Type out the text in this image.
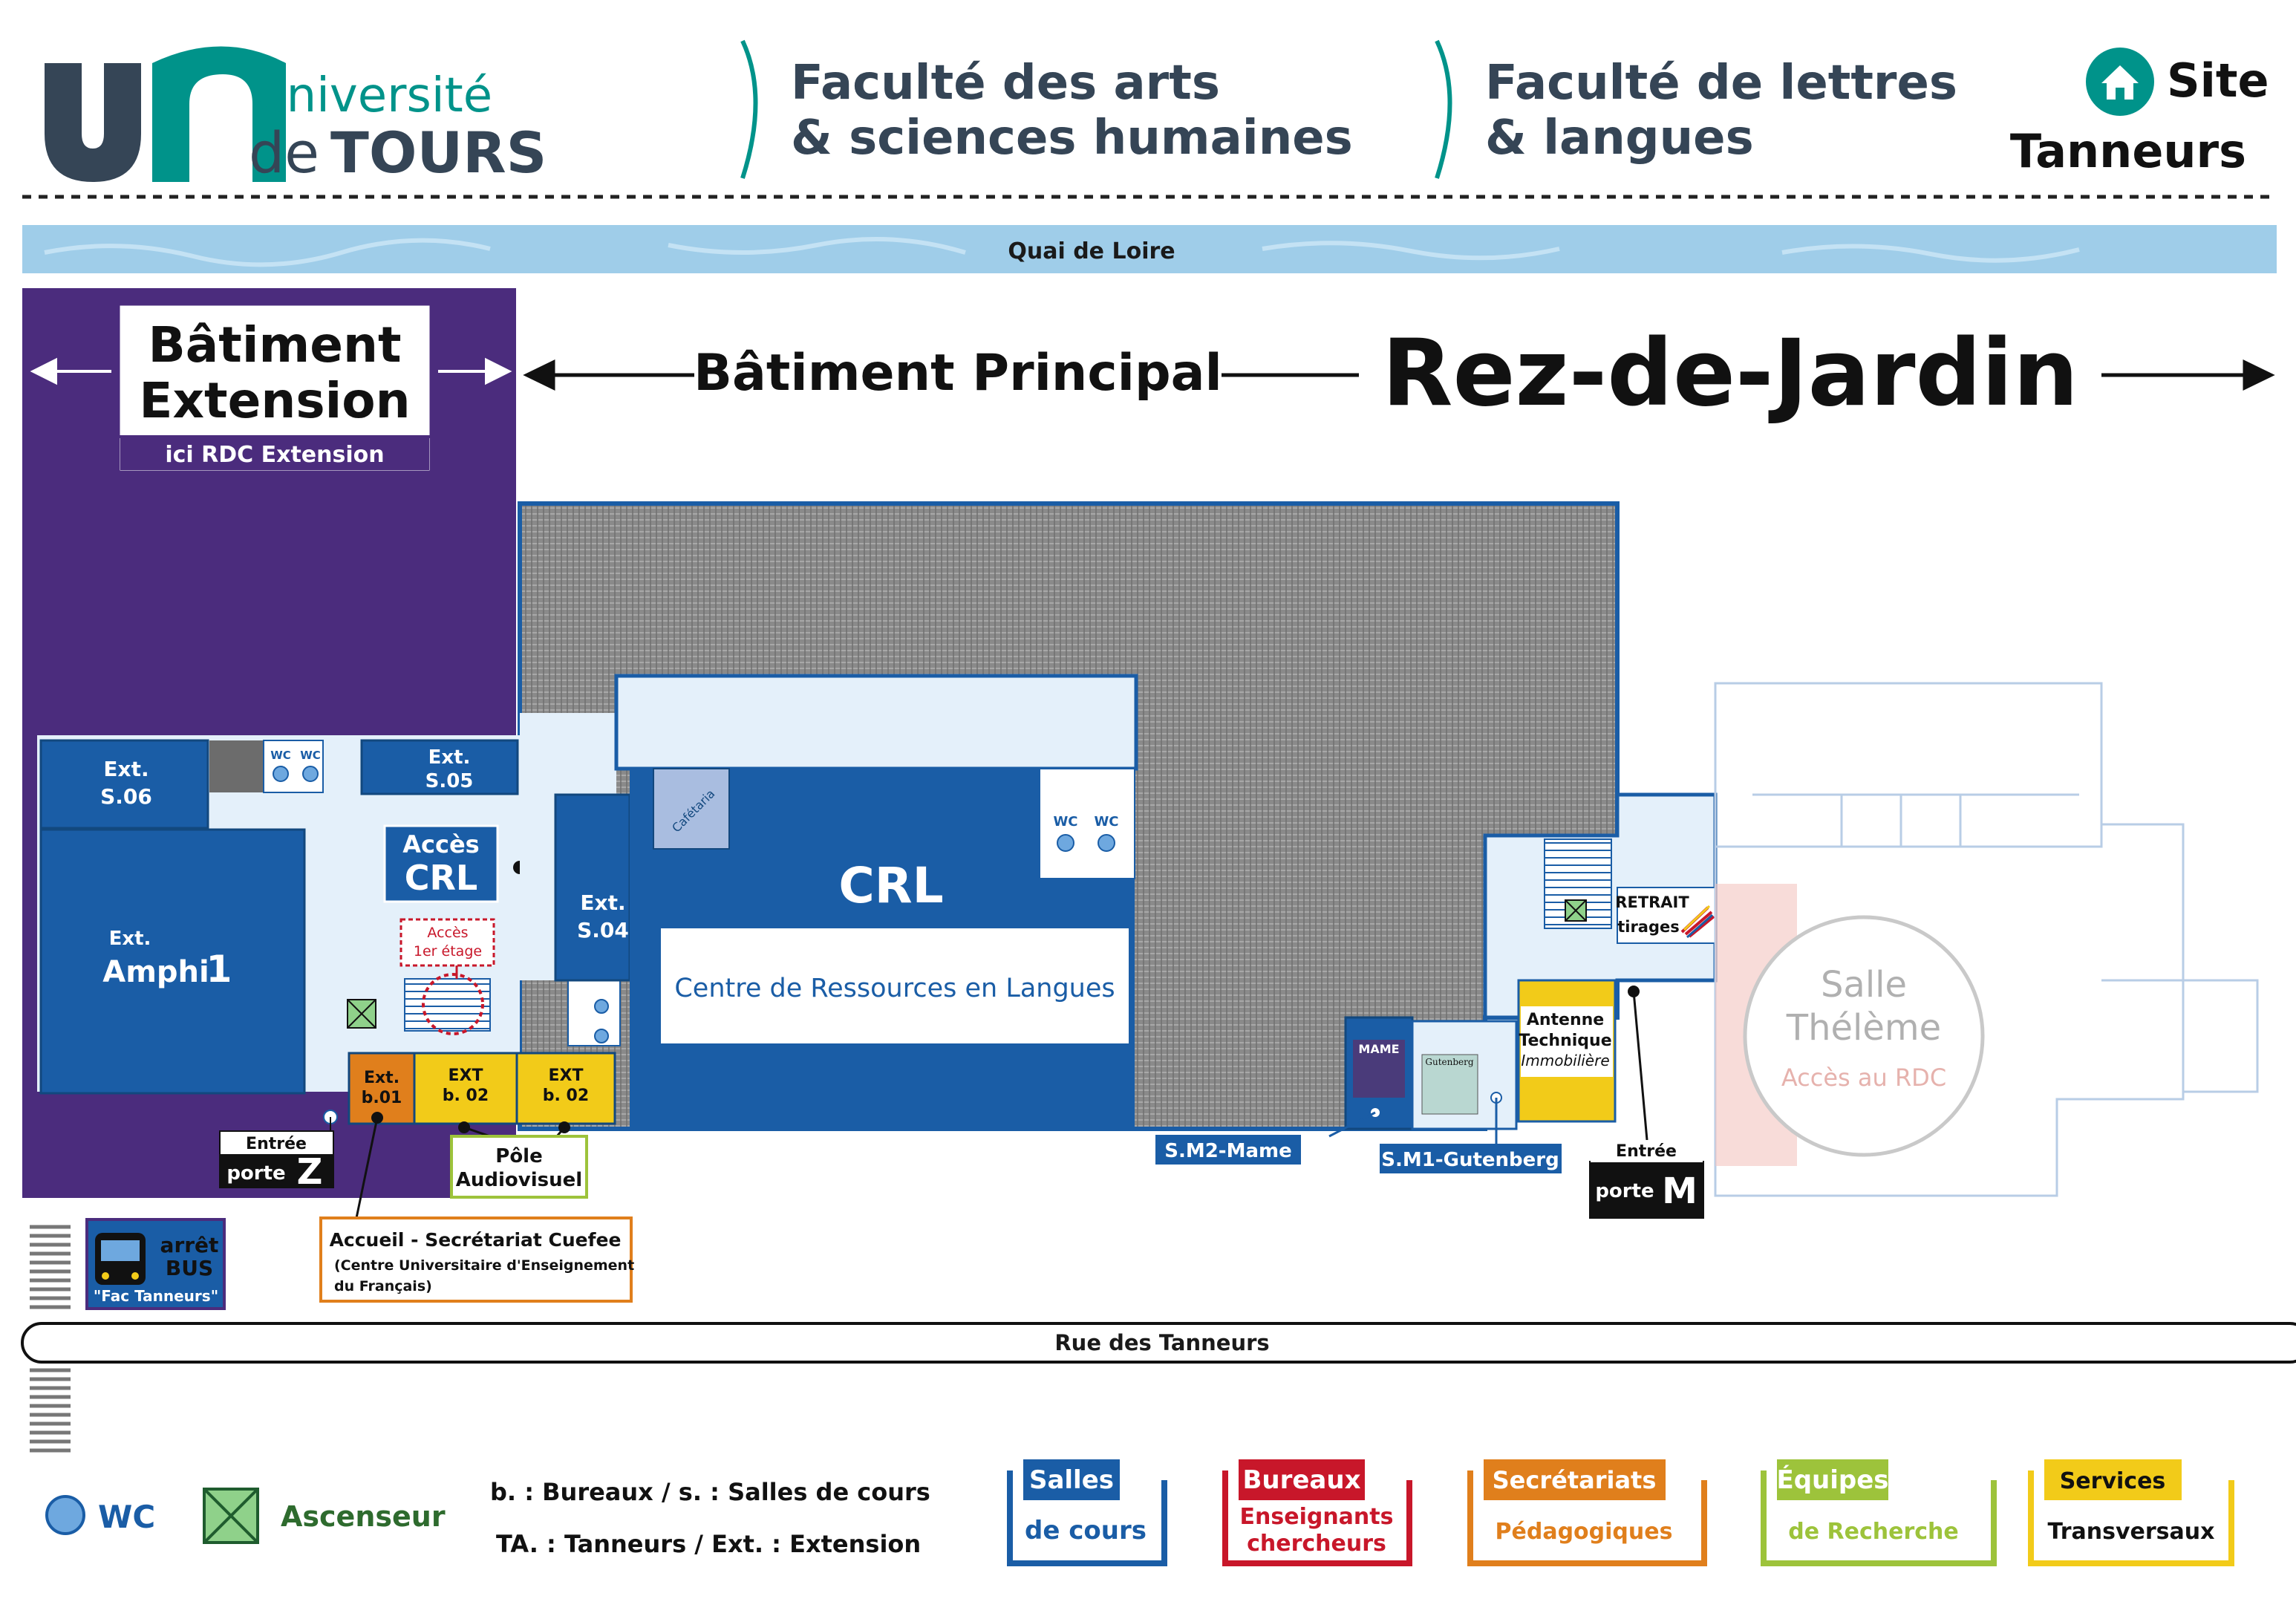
université
de TOURS
Faculté des arts
& sciences humaines
Faculté de lettres
& langues
Site
Tanneurs
Quai de Loire
Bâtiment
Extension
ici RDC Extension
Bâtiment Principal Rez-de-Jardin
Ext.
S.06
WC WC	Ext.
S.05
Ext.
Amphi
1
Accès
CRL
Accès
1er étage
Ext.
b.01
EXT
b. 02
EXT
b. 02
Ext.
S.04
Cafétaria	WC WC
CRL
Centre de Ressources en Langues
RETRAIT
tirages
Antenne
Technique
Immobilière
MAME
Gutenberg
Salle
Thélème
Accès au RDC
Entrée
porte Z	Pôle
Audiovisuel
Accueil - Secrétariat Cuefee
(Centre Universitaire d'Enseignement
du Français)
S.M2-Mame	S.M1-Gutenberg	Entrée
porte M
arrêt
BUS
"Fac Tanneurs"
Rue des Tanneurs
WC	Ascenseur
b. : Bureaux / s. : Salles de cours
TA. : Tanneurs / Ext. : Extension
Salles
de cours
Bureaux
Enseignants
chercheurs
Secrétariats
Pédagogiques
Équipes
de Recherche
Services
Transversaux
